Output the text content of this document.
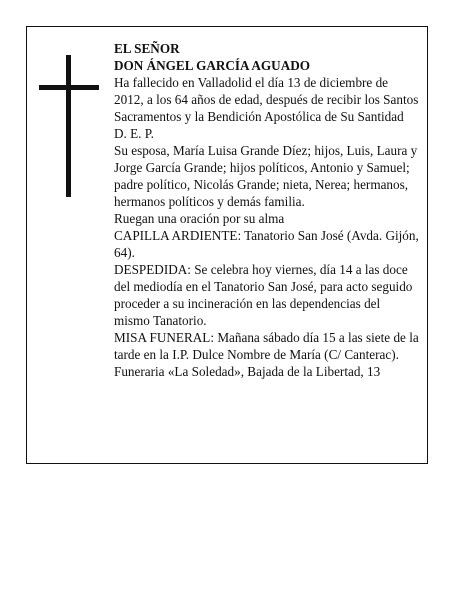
EL SEÑOR

DON ÁNGEL GARCÍA AGUADO

Ha fallecido en Valladolid el día 13 de diciembre de 2012, a los 64 años de edad, después de recibir los Santos Sacramentos y la Bendición Apostólica de Su Santidad

D. E. P.

Su esposa, María Luisa Grande Díez; hijos, Luis, Laura y Jorge García Grande; hijos políticos, Antonio y Samuel; padre político, Nicolás Grande; nieta, Nerea; hermanos, hermanos políticos y demás familia.

Ruegan una oración por su alma

CAPILLA ARDIENTE: Tanatorio San José (Avda. Gijón, 64).

DESPEDIDA: Se celebra hoy viernes, día 14 a las doce del mediodía en el Tanatorio San José, para acto seguido proceder a su incineración en las dependencias del mismo Tanatorio.

MISA FUNERAL: Mañana sábado día 15 a las siete de la tarde en la I.P. Dulce Nombre de María (C/ Canterac).

Funeraria «La Soledad», Bajada de la Libertad, 13
